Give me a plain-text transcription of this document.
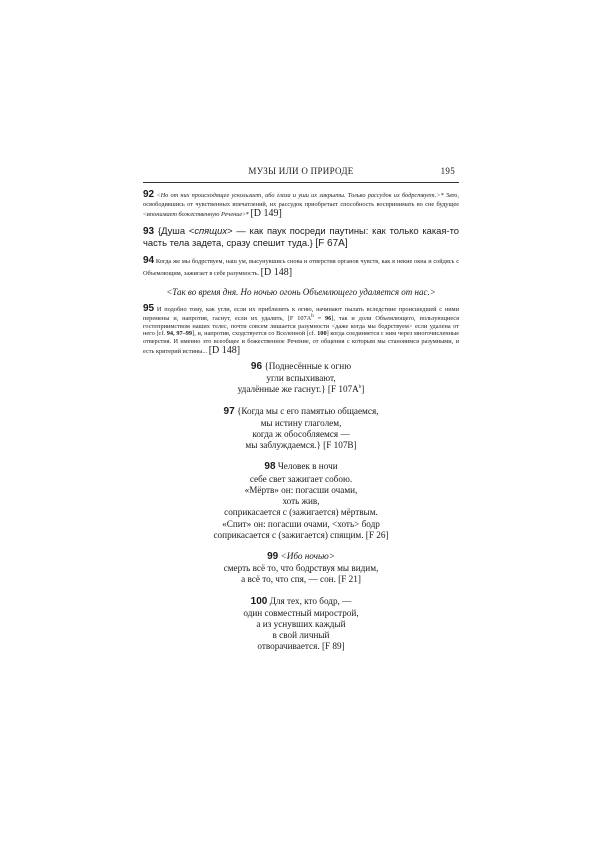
МУЗЫ ИЛИ О ПРИРОДЕ	195
92 <Но от них происходящее ускользает, ибо глаза и уши их закрыты. Только рассудок их бодрствует.>* Зато, освободившись от чувственных впечатлений, их рассудок приобретает способность воспринимать во сне будущее <ипонимает божественную Речение>* [D 149]
93 {Душа <спящих> — как паук посреди паутины: как только какая-то часть тела задета, сразу спешит туда.} [F 67A]
94 Когда же мы бодрствуем, наш ум, высунувшись снова и отверстия органов чувств, как в некие окна и сойдясь с Объемлющим, зажигает в себе разумность. [D 148]
<Так во время дня. Но ночью огонь Объемлющего удаляется от нас.>
95 И подобно тому, как угли, если их приблизить к огню, начинают пылать вследствие происшедшей с ними перемены и, напротив, гаснут, если их удалить, [F $107A^b = 96$], так и доли Объемлющего, пользующиеся гостеприимством наших телес, почти совсем лишается разумности <даже когда мы бодрствуем> если удалена от него [cf. 94, 97–99], и, напротив, сходствуется со Вселенной [cf. 100] когда соединяется с ним через многочисленные отверстия. И именно это всеобщее и божественное Речение, от общения с которым мы становимся разумными, и есть критерий истины... [D 148]
96 {Поднесённые к огню
угли вспыхивают,
удалённые же гаснут.} [F $107A^b$]
97 {Когда мы с его памятью общаемся,
мы истину глаголем,
когда ж обособляемся —
мы заблуждаемся.} [F 107B]
98 Человек в ночи
себе свет зажигает собою.
«Мёртв» он: погасши очами,
хоть жив,
соприкасается с (зажигается) мёртвым.
«Спит» он: погасши очами, <хоть> бодр
соприкасается с (зажигается) спящим. [F 26]
99 <Ибо ночью>
смерть всё то, что бодрствуя мы видим,
а всё то, что спя, — сон. [F 21]
100 Для тех, кто бодр, —
один совместный мирострой,
а из уснувших каждый
в свой личный
отворачивается. [F 89]
